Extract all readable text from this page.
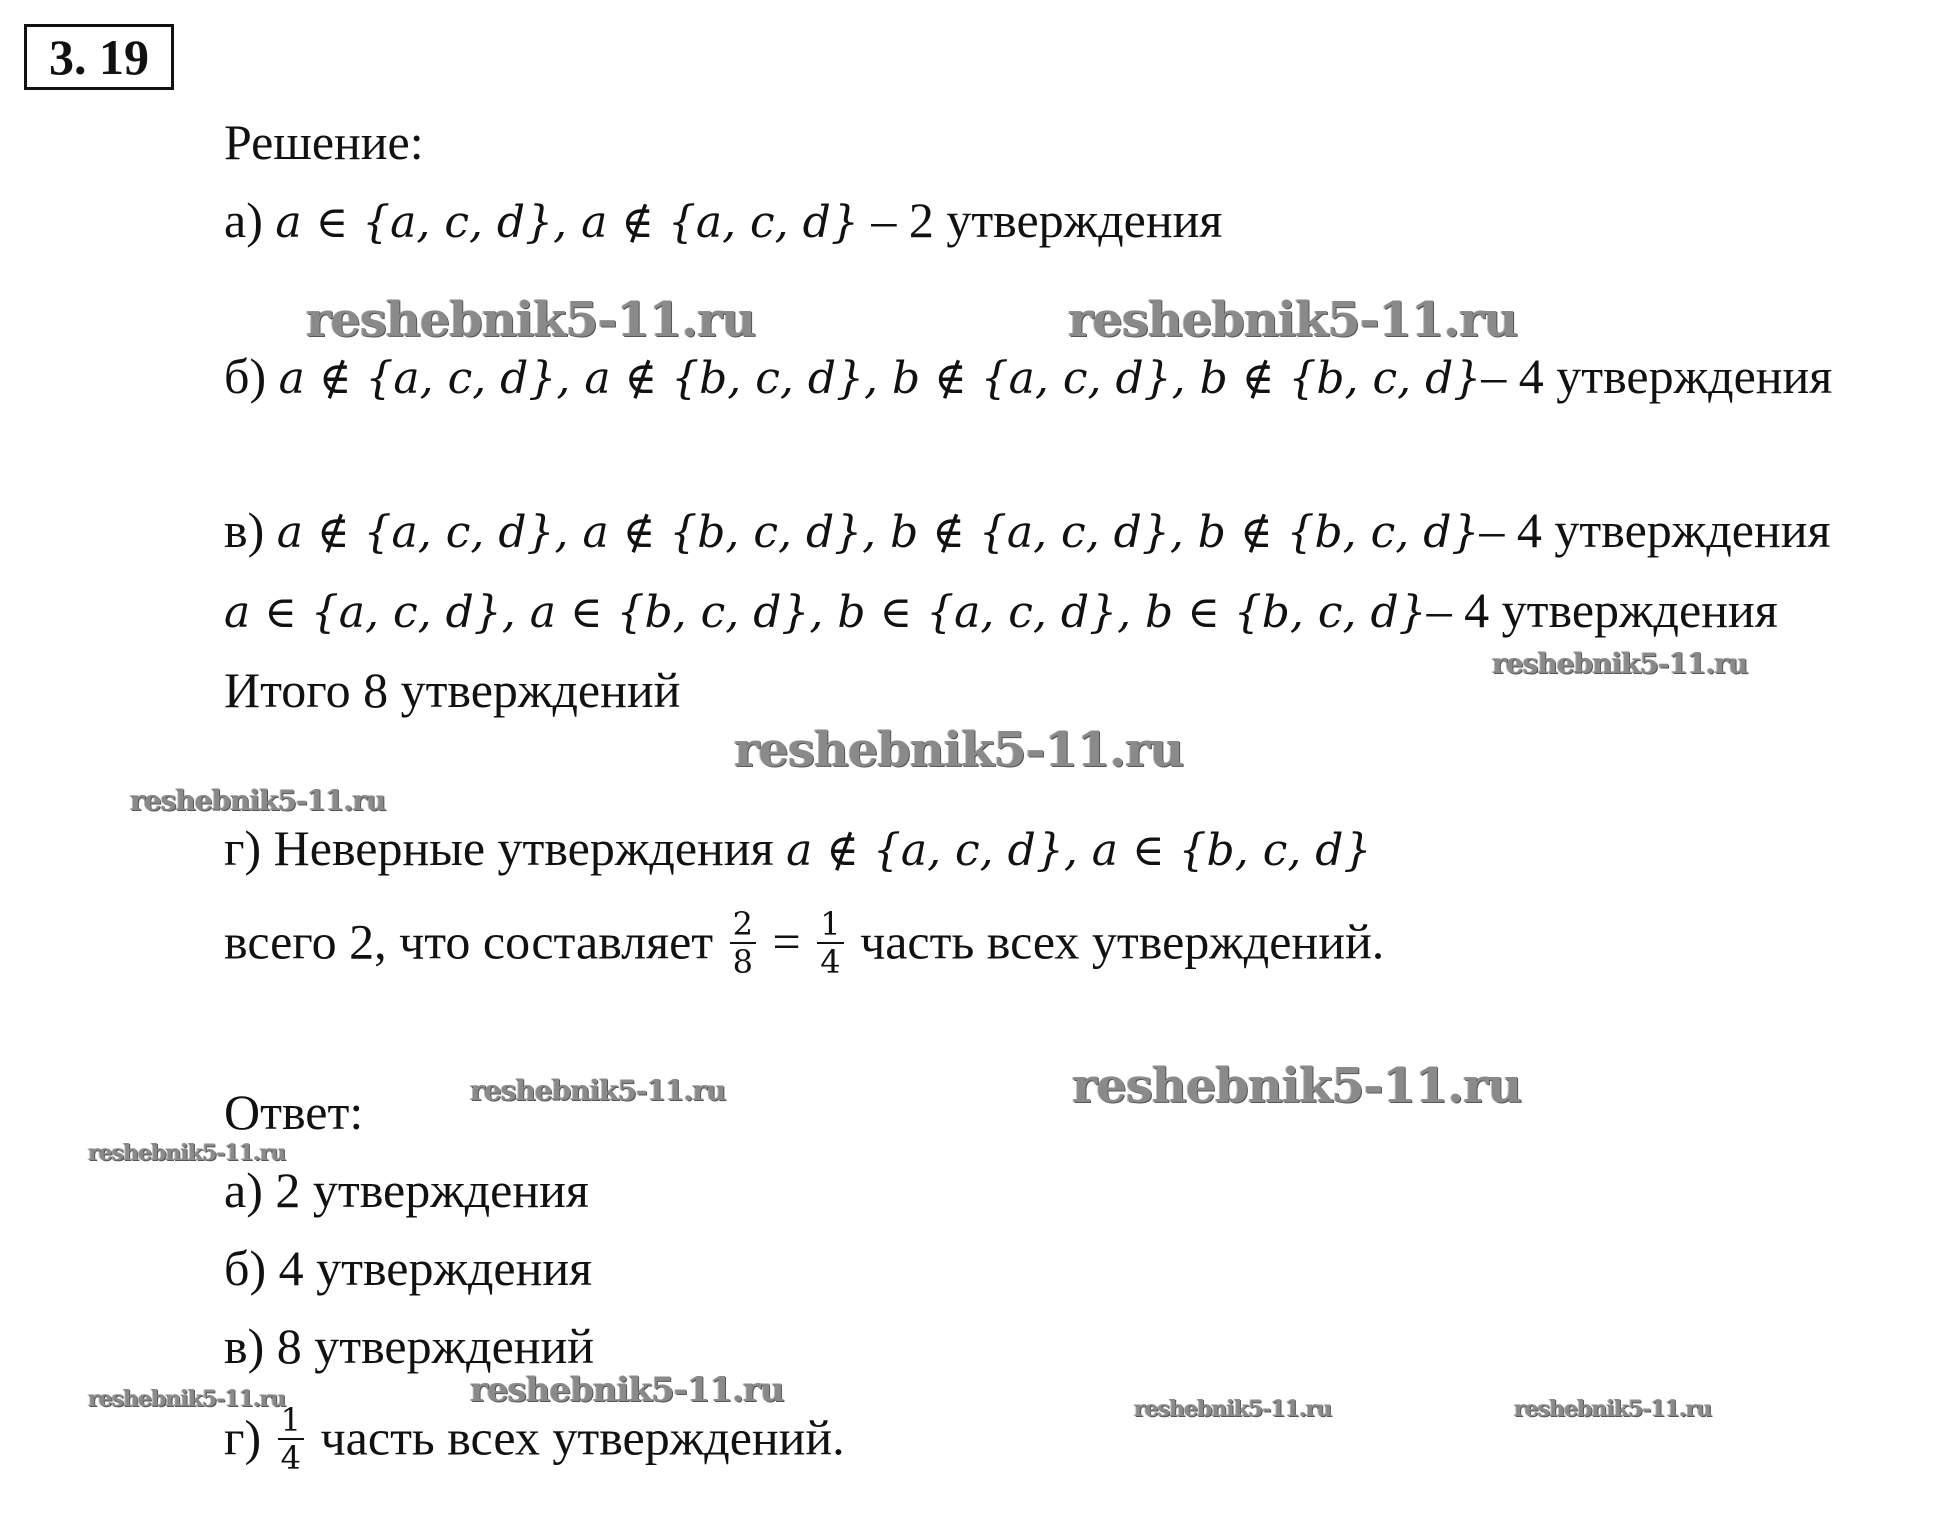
3. 19
Решение:
а) a ∈ {a, c, d}, a ∉ {a, c, d} – 2 утверждения
б) a ∉ {a, c, d}, a ∉ {b, c, d}, b ∉ {a, c, d}, b ∉ {b, c, d}– 4 утверждения
в) a ∉ {a, c, d}, a ∉ {b, c, d}, b ∉ {a, c, d}, b ∉ {b, c, d}– 4 утверждения
a ∈ {a, c, d}, a ∈ {b, c, d}, b ∈ {a, c, d}, b ∈ {b, c, d}– 4 утверждения
Итого 8 утверждений
г) Неверные утверждения a ∉ {a, c, d}, a ∈ {b, c, d}
всего 2, что составляет $\frac{2}{8} = \frac{1}{4}$ часть всех утверждений.
Ответ:
а) 2 утверждения
б) 4 утверждения
в) 8 утверждений
$г) \frac{1}{4}$ часть всех утверждений.
reshebnik5-11.ru	reshebnik5-11.ru
reshebnik5-11.ru
reshebnik5-11.ru
reshebnik5-11.ru
reshebnik5-11.ru	reshebnik5-11.ru
reshebnik5-11.ru
reshebnik5-11.ru
reshebnik5-11.ru	reshebnik5-11.ru	reshebnik5-11.ru
